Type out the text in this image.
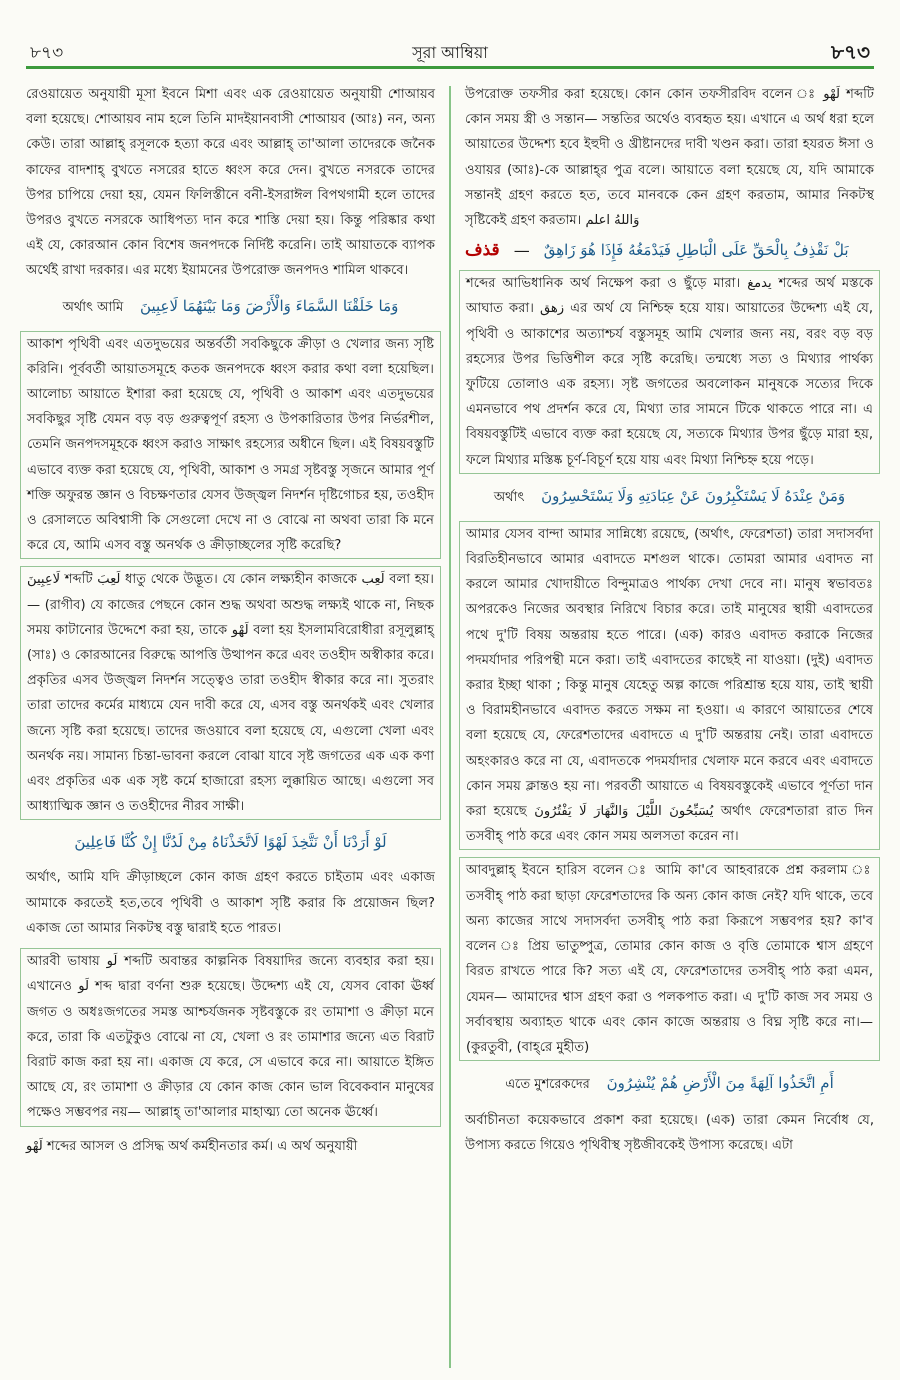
৮৭৩	সূরা আম্বিয়া	৮৭৩

রেওয়ায়েত অনুযায়ী মূসা ইবনে মিশা এবং এক রেওয়ায়েত অনুযায়ী শোআয়ব বলা হয়েছে। শোআয়ব নাম হলে তিনি মাদইয়ানবাসী শোআয়ব (আঃ) নন, অন্য কেউ। তারা আল্লাহ্‌ রসূলকে হত্যা করে এবং আল্লাহ্‌ তা'আলা তাদেরকে জনৈক কাফের বাদশাহ্‌ বুখতে নসরের হাতে ধ্বংস করে দেন। বুখতে নসরকে তাদের উপর চাপিয়ে দেয়া হয়, যেমন ফিলিস্তীনে বনী-ইসরাঈল বিপথগামী হলে তাদের উপরও বুখতে নসরকে আধিপত্য দান করে শাস্তি দেয়া হয়। কিন্তু পরিষ্কার কথা এই যে, কোরআন কোন বিশেষ জনপদকে নির্দিষ্ট করেনি। তাই আয়াতকে ব্যাপক অর্থেই রাখা দরকার। এর মধ্যে ইয়ামনের উপরোক্ত জনপদও শামিল থাকবে।

وَمَا خَلَقْنَا السَّمَاءَ وَالْأَرْضَ وَمَا بَيْنَهُمَا لَاعِبِينَ অর্থাৎ আমি

আকাশ পৃথিবী এবং এতদুভয়ের অন্তর্বর্তী সবকিছুকে ক্রীড়া ও খেলার জন্য সৃষ্টি করিনি। পূর্ববর্তী আয়াতসমূহে কতক জনপদকে ধ্বংস করার কথা বলা হয়েছিল। আলোচ্য আয়াতে ইশারা করা হয়েছে যে, পৃথিবী ও আকাশ এবং এতদুভয়ের সবকিছুর সৃষ্টি যেমন বড় বড় গুরুত্বপূর্ণ রহস্য ও উপকারিতার উপর নির্ভরশীল, তেমনি জনপদসমূহকে ধ্বংস করাও সাক্ষাৎ রহস্যের অধীনে ছিল। এই বিষয়বস্তুটি এভাবে ব্যক্ত করা হয়েছে যে, পৃথিবী, আকাশ ও সমগ্র সৃষ্টবস্তু সৃজনে আমার পূর্ণ শক্তি অফুরন্ত জ্ঞান ও বিচক্ষণতার যেসব উজ্জ্বল নিদর্শন দৃষ্টিগোচর হয়, তওহীদ ও রেসালতে অবিশ্বাসী কি সেগুলো দেখে না ও বোঝে না অথবা তারা কি মনে করে যে, আমি এসব বস্তু অনর্থক ও ক্রীড়াচ্ছলের সৃষ্টি করেছি?

لَاعِبِينَ শব্দটি لَعِبَ ধাতু থেকে উদ্ভূত। যে কোন লক্ষ্যহীন কাজকে لَعِب বলা হয়।— (রাগীব) যে কাজের পেছনে কোন শুদ্ধ অথবা অশুদ্ধ লক্ষ্যই থাকে না, নিছক সময় কাটানোর উদ্দেশে করা হয়, তাকে لَهْو বলা হয় ইসলামবিরোধীরা রসূলুল্লাহ্‌ (সাঃ) ও কোরআনের বিরুদ্ধে আপত্তি উত্থাপন করে এবং তওহীদ অস্বীকার করে। প্রকৃতির এসব উজ্জ্বল নিদর্শন সত্ত্বেও তারা তওহীদ স্বীকার করে না। সুতরাং তারা তাদের কর্মের মাধ্যমে যেন দাবী করে যে, এসব বস্তু অনর্থকই এবং খেলার জন্যে সৃষ্টি করা হয়েছে। তাদের জওয়াবে বলা হয়েছে যে, এগুলো খেলা এবং অনর্থক নয়। সামান্য চিন্তা-ভাবনা করলে বোঝা যাবে সৃষ্ট জগতের এক এক কণা এবং প্রকৃতির এক এক সৃষ্ট কর্মে হাজারো রহস্য লুক্কায়িত আছে। এগুলো সব আধ্যাত্মিক জ্ঞান ও তওহীদের নীরব সাক্ষী।

لَوْ أَرَدْنَا أَنْ نَتَّخِذَ لَهْوًا لَاتَّخَذْنَاهُ مِنْ لَدُنَّا إِنْ كُنَّا فَاعِلِينَ

অর্থাৎ, আমি যদি ক্রীড়াচ্ছলে কোন কাজ গ্রহণ করতে চাইতাম এবং একাজ আমাকে করতেই হত,তবে পৃথিবী ও আকাশ সৃষ্টি করার কি প্রয়োজন ছিল? একাজ তো আমার নিকটস্থ বস্তু দ্বারাই হতে পারত।

আরবী ভাষায় لَو শব্দটি অবান্তর কাল্পনিক বিষয়াদির জন্যে ব্যবহার করা হয়। এখানেও لَو শব্দ দ্বারা বর্ণনা শুরু হয়েছে। উদ্দেশ্য এই যে, যেসব বোকা ঊর্ধ্ব জগত ও অধঃজগতের সমস্ত আশ্চর্যজনক সৃষ্টবস্তুকে রং তামাশা ও ক্রীড়া মনে করে, তারা কি এতটুকুও বোঝে না যে, খেলা ও রং তামাশার জন্যে এত বিরাট বিরাট কাজ করা হয় না। একাজ যে করে, সে এভাবে করে না। আয়াতে ইঙ্গিত আছে যে, রং তামাশা ও ক্রীড়ার যে কোন কাজ কোন ভাল বিবেকবান মানুষের পক্ষেও সম্ভবপর নয়— আল্লাহ্‌ তা'আলার মাহাত্ম্য তো অনেক ঊর্ধ্বে।

لَهْو শব্দের আসল ও প্রসিদ্ধ অর্থ কর্মহীনতার কর্ম। এ অর্থ অনুযায়ী

উপরোক্ত তফসীর করা হয়েছে। কোন কোন তফসীরবিদ বলেন ঃ لَهْو শব্দটি কোন সময় স্ত্রী ও সন্তান— সন্ততির অর্থেও ব্যবহৃত হয়। এখানে এ অর্থ ধরা হলে আয়াতের উদ্দেশ্য হবে ইহুদী ও খ্রীষ্টানদের দাবী খণ্ডন করা। তারা হযরত ঈসা ও ওযায়র (আঃ)-কে আল্লাহ্‌র পুত্র বলে। আয়াতে বলা হয়েছে যে, যদি আমাকে সন্তানই গ্রহণ করতে হত, তবে মানবকে কেন গ্রহণ করতাম, আমার নিকটস্থ সৃষ্টিকেই গ্রহণ করতাম। وَاللهُ اعلم

قذف — بَلْ نَقْذِفُ بِالْحَقِّ عَلَى الْبَاطِلِ فَيَدْمَغُهُ فَإِذَا هُوَ زَاهِقٌ

শব্দের আভিধানিক অর্থ নিক্ষেপ করা ও ছুঁড়ে মারা। يدمغ শব্দের অর্থ মস্তকে আঘাত করা। زهق এর অর্থ যে নিশ্চিহ্ন হয়ে যায়। আয়াতের উদ্দেশ্য এই যে, পৃথিবী ও আকাশের অত্যাশ্চর্য বস্তুসমূহ আমি খেলার জন্য নয়, বরং বড় বড় রহস্যের উপর ভিত্তিশীল করে সৃষ্টি করেছি। তন্মধ্যে সত্য ও মিথ্যার পার্থক্য ফুটিয়ে তোলাও এক রহস্য। সৃষ্ট জগতের অবলোকন মানুষকে সত্যের দিকে এমনভাবে পথ প্রদর্শন করে যে, মিথ্যা তার সামনে টিকে থাকতে পারে না। এ বিষয়বস্তুটিই এভাবে ব্যক্ত করা হয়েছে যে, সত্যকে মিথ্যার উপর ছুঁড়ে মারা হয়, ফলে মিথ্যার মস্তিষ্ক চূর্ণ-বিচূর্ণ হয়ে যায় এবং মিথ্যা নিশ্চিহ্ন হয়ে পড়ে।

وَمَنْ عِنْدَهُ لَا يَسْتَكْبِرُونَ عَنْ عِبَادَتِهِ وَلَا يَسْتَحْسِرُونَ অর্থাৎ

আমার যেসব বান্দা আমার সান্নিধ্যে রয়েছে, (অর্থাৎ, ফেরেশতা) তারা সদাসর্বদা বিরতিহীনভাবে আমার এবাদতে মশগুল থাকে। তোমরা আমার এবাদত না করলে আমার খোদায়ীতে বিন্দুমাত্রও পার্থক্য দেখা দেবে না। মানুষ স্বভাবতঃ অপরকেও নিজের অবস্থার নিরিখে বিচার করে। তাই মানুষের স্থায়ী এবাদতের পথে দু'টি বিষয় অন্তরায় হতে পারে। (এক) কারও এবাদত করাকে নিজের পদমর্যাদার পরিপন্থী মনে করা। তাই এবাদতের কাছেই না যাওয়া। (দুই) এবাদত করার ইচ্ছা থাকা ; কিন্তু মানুষ যেহেতু অল্প কাজে পরিশ্রান্ত হয়ে যায়, তাই স্থায়ী ও বিরামহীনভাবে এবাদত করতে সক্ষম না হওয়া। এ কারণে আয়াতের শেষে বলা হয়েছে যে, ফেরেশতাদের এবাদতে এ দু'টি অন্তরায় নেই। তারা এবাদতে অহংকারও করে না যে, এবাদতকে পদমর্যাদার খেলাফ মনে করবে এবং এবাদতে কোন সময় ক্লান্তও হয় না। পরবর্তী আয়াতে এ বিষয়বস্তুকেই এভাবে পূর্ণতা দান করা হয়েছে يُسَبِّحُونَ اللَّيْلَ وَالنَّهَارَ لَا يَفْتُرُونَ অর্থাৎ ফেরেশতারা রাত দিন তসবীহ্‌ পাঠ করে এবং কোন সময় অলসতা করেন না।

আবদুল্লাহ্‌ ইবনে হারিস বলেন ঃ আমি কা'বে আহবারকে প্রশ্ন করলাম ঃ তসবীহ্‌ পাঠ করা ছাড়া ফেরেশতাদের কি অন্য কোন কাজ নেই? যদি থাকে, তবে অন্য কাজের সাথে সদাসর্বদা তসবীহ্‌ পাঠ করা কিরূপে সম্ভবপর হয়? কা'ব বলেন ঃ প্রিয় ভাতুষ্পুত্র, তোমার কোন কাজ ও বৃত্তি তোমাকে শ্বাস গ্রহণে বিরত রাখতে পারে কি? সত্য এই যে, ফেরেশতাদের তসবীহ্‌ পাঠ করা এমন, যেমন— আমাদের শ্বাস গ্রহণ করা ও পলকপাত করা। এ দু'টি কাজ সব সময় ও সর্বাবস্থায় অব্যাহত থাকে এবং কোন কাজে অন্তরায় ও বিঘ্ন সৃষ্টি করে না।—(কুরতুবী, (বাহ্‌রে মুহীত)

أَمِ اتَّخَذُوا آلِهَةً مِنَ الْأَرْضِ هُمْ يُنْشِرُونَ এতে মুশরেকদের

অর্বাচীনতা কয়েকভাবে প্রকাশ করা হয়েছে। (এক) তারা কেমন নির্বোধ যে, উপাস্য করতে গিয়েও পৃথিবীস্থ সৃষ্টজীবকেই উপাস্য করেছে। এটা
